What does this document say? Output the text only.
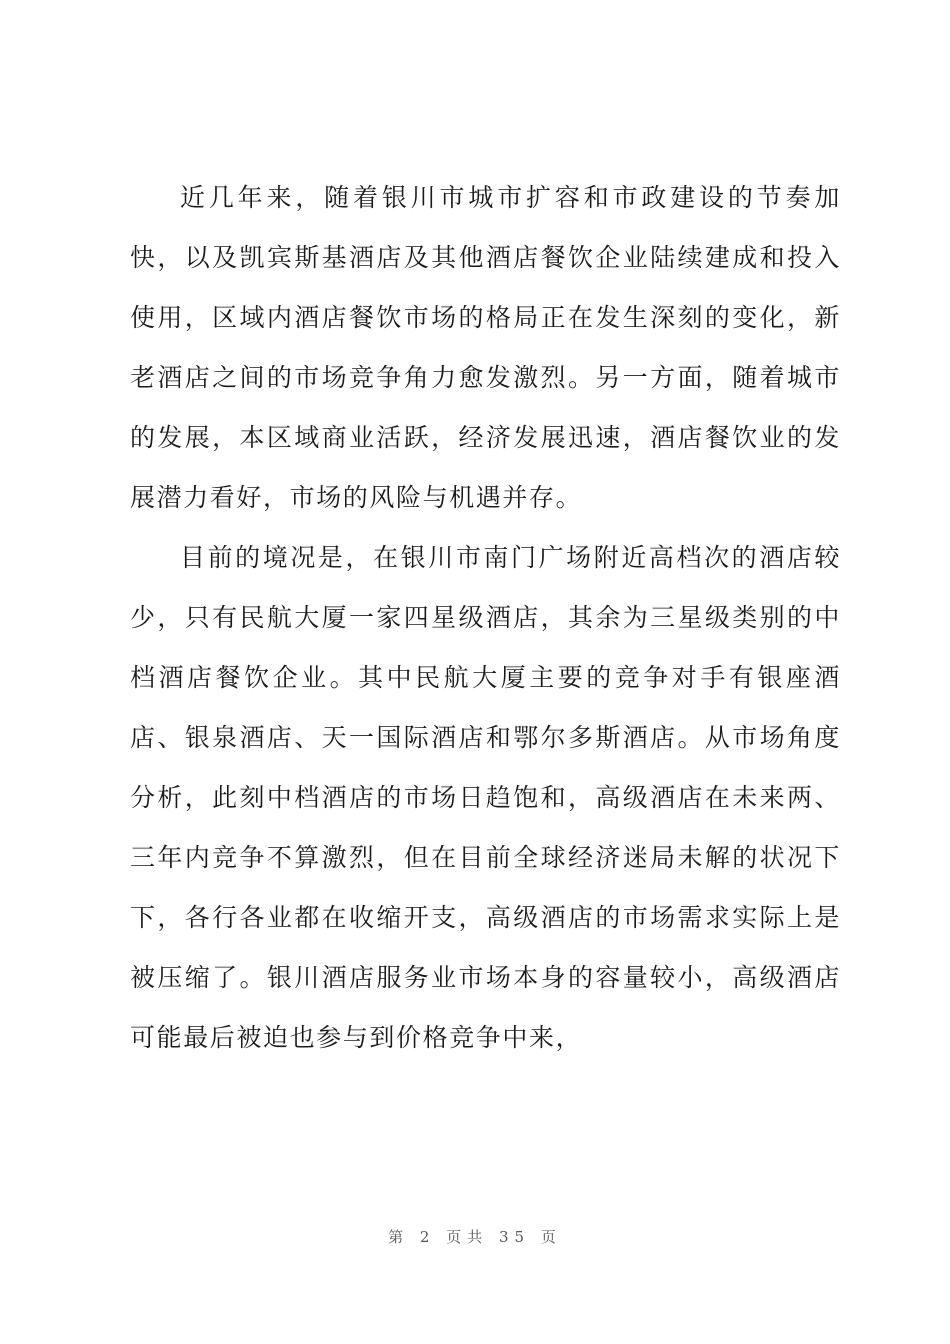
近几年来，随着银川市城市扩容和市政建设的节奏加快，以及凯宾斯基酒店及其他酒店餐饮企业陆续建成和投入使用，区域内酒店餐饮市场的格局正在发生深刻的变化，新老酒店之间的市场竞争角力愈发激烈。另一方面，随着城市的发展，本区域商业活跃，经济发展迅速，酒店餐饮业的发展潜力看好，市场的风险与机遇并存。

目前的境况是，在银川市南门广场附近高档次的酒店较少，只有民航大厦一家四星级酒店，其余为三星级类别的中档酒店餐饮企业。其中民航大厦主要的竞争对手有银座酒店、银泉酒店、天一国际酒店和鄂尔多斯酒店。从市场角度分析，此刻中档酒店的市场日趋饱和，高级酒店在未来两、三年内竞争不算激烈，但在目前全球经济迷局未解的状况下下，各行各业都在收缩开支，高级酒店的市场需求实际上是被压缩了。银川酒店服务业市场本身的容量较小，高级酒店可能最后被迫也参与到价格竞争中来，

第 2 页共 35 页
